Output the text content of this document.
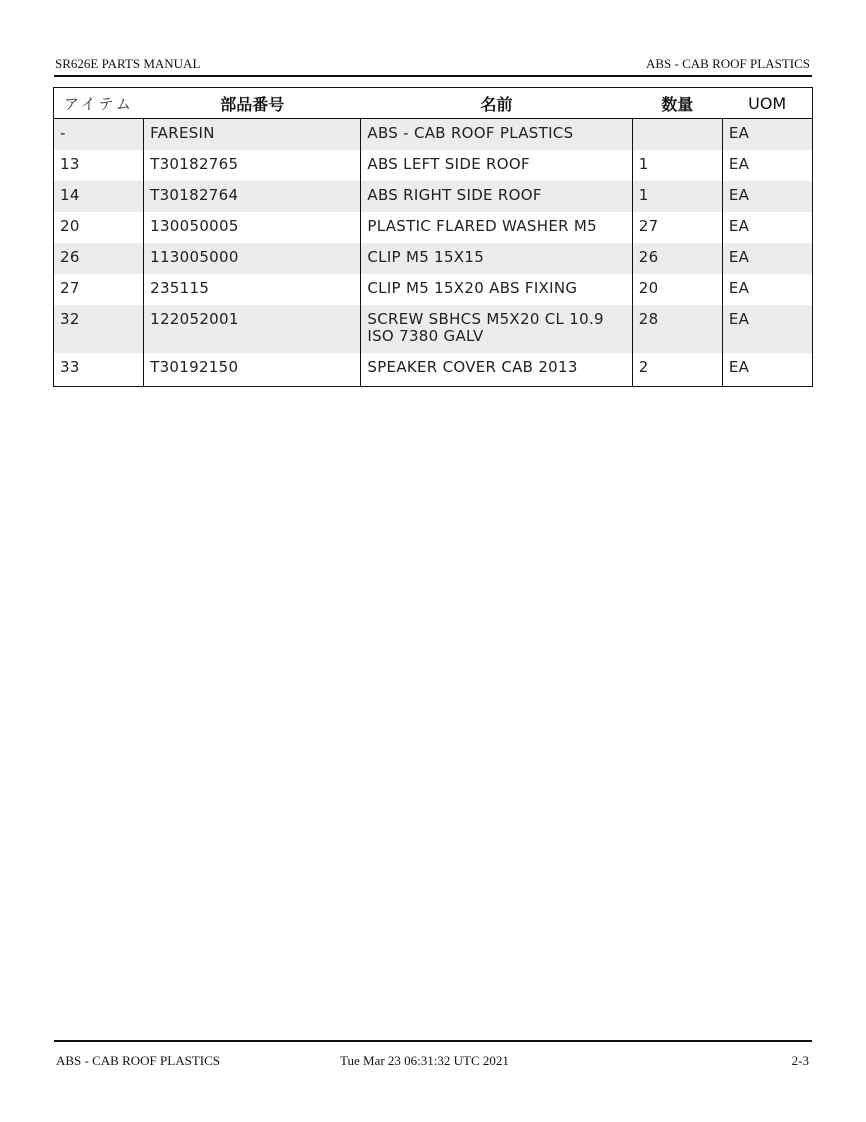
SR626E PARTS MANUAL	ABS - CAB ROOF PLASTICS
アイテム	部品番号	名前	数量	UOM
-	FARESIN	ABS - CAB ROOF PLASTICS		EA
13	T30182765	ABS LEFT SIDE ROOF	1	EA
14	T30182764	ABS RIGHT SIDE ROOF	1	EA
20	130050005	PLASTIC FLARED WASHER M5	27	EA
26	113005000	CLIP M5 15X15	26	EA
27	235115	CLIP M5 15X20 ABS FIXING	20	EA
32	122052001	SCREW SBHCS M5X20 CL 10.9 ISO 7380 GALV	28	EA
33	T30192150	SPEAKER COVER CAB 2013	2	EA
ABS - CAB ROOF PLASTICS	Tue Mar 23 06:31:32 UTC 2021	2-3
